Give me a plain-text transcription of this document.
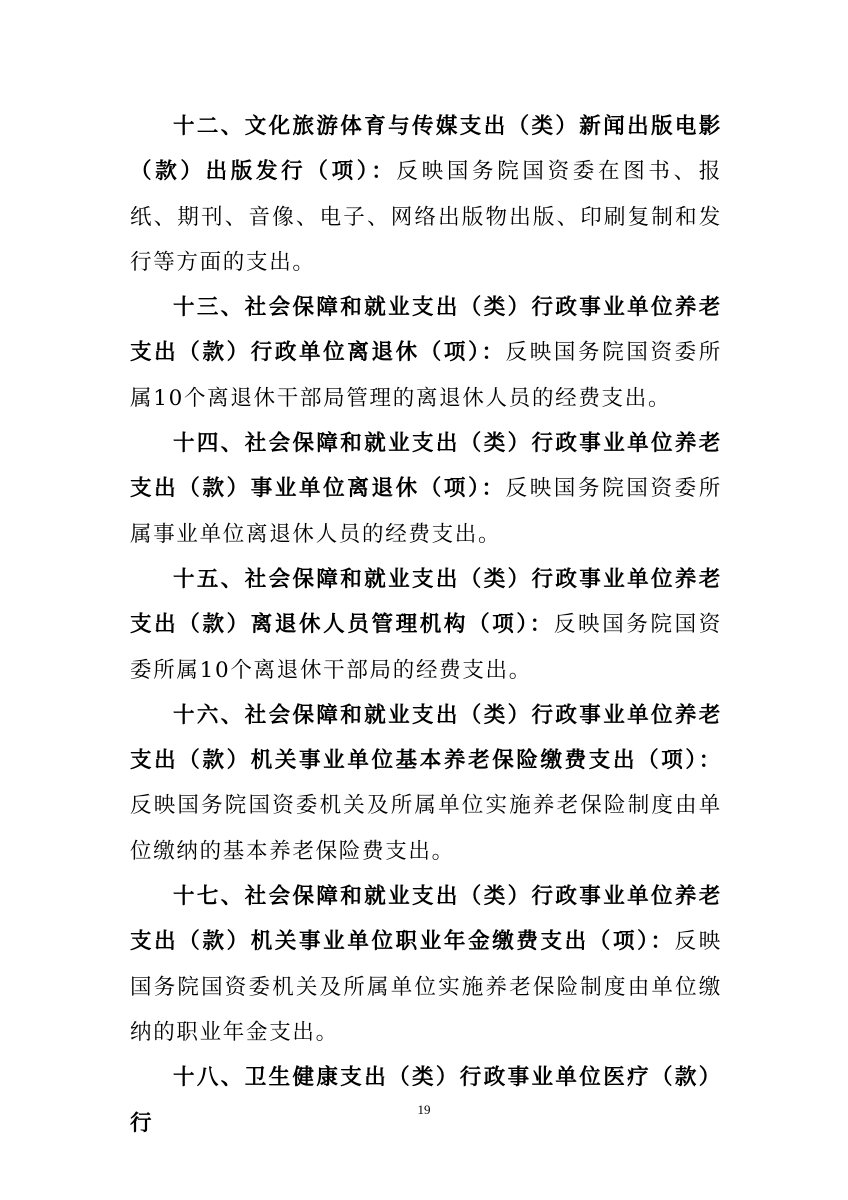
十二、文化旅游体育与传媒支出（类）新闻出版电影（款）出版发行（项）：反映国务院国资委在图书、报纸、期刊、音像、电子、网络出版物出版、印刷复制和发行等方面的支出。

十三、社会保障和就业支出（类）行政事业单位养老支出（款）行政单位离退休（项）：反映国务院国资委所属10个离退休干部局管理的离退休人员的经费支出。

十四、社会保障和就业支出（类）行政事业单位养老支出（款）事业单位离退休（项）：反映国务院国资委所属事业单位离退休人员的经费支出。

十五、社会保障和就业支出（类）行政事业单位养老支出（款）离退休人员管理机构（项）：反映国务院国资委所属10个离退休干部局的经费支出。

十六、社会保障和就业支出（类）行政事业单位养老支出（款）机关事业单位基本养老保险缴费支出（项）：反映国务院国资委机关及所属单位实施养老保险制度由单位缴纳的基本养老保险费支出。

十七、社会保障和就业支出（类）行政事业单位养老支出（款）机关事业单位职业年金缴费支出（项）：反映国务院国资委机关及所属单位实施养老保险制度由单位缴纳的职业年金支出。

十八、卫生健康支出（类）行政事业单位医疗（款）行

19
